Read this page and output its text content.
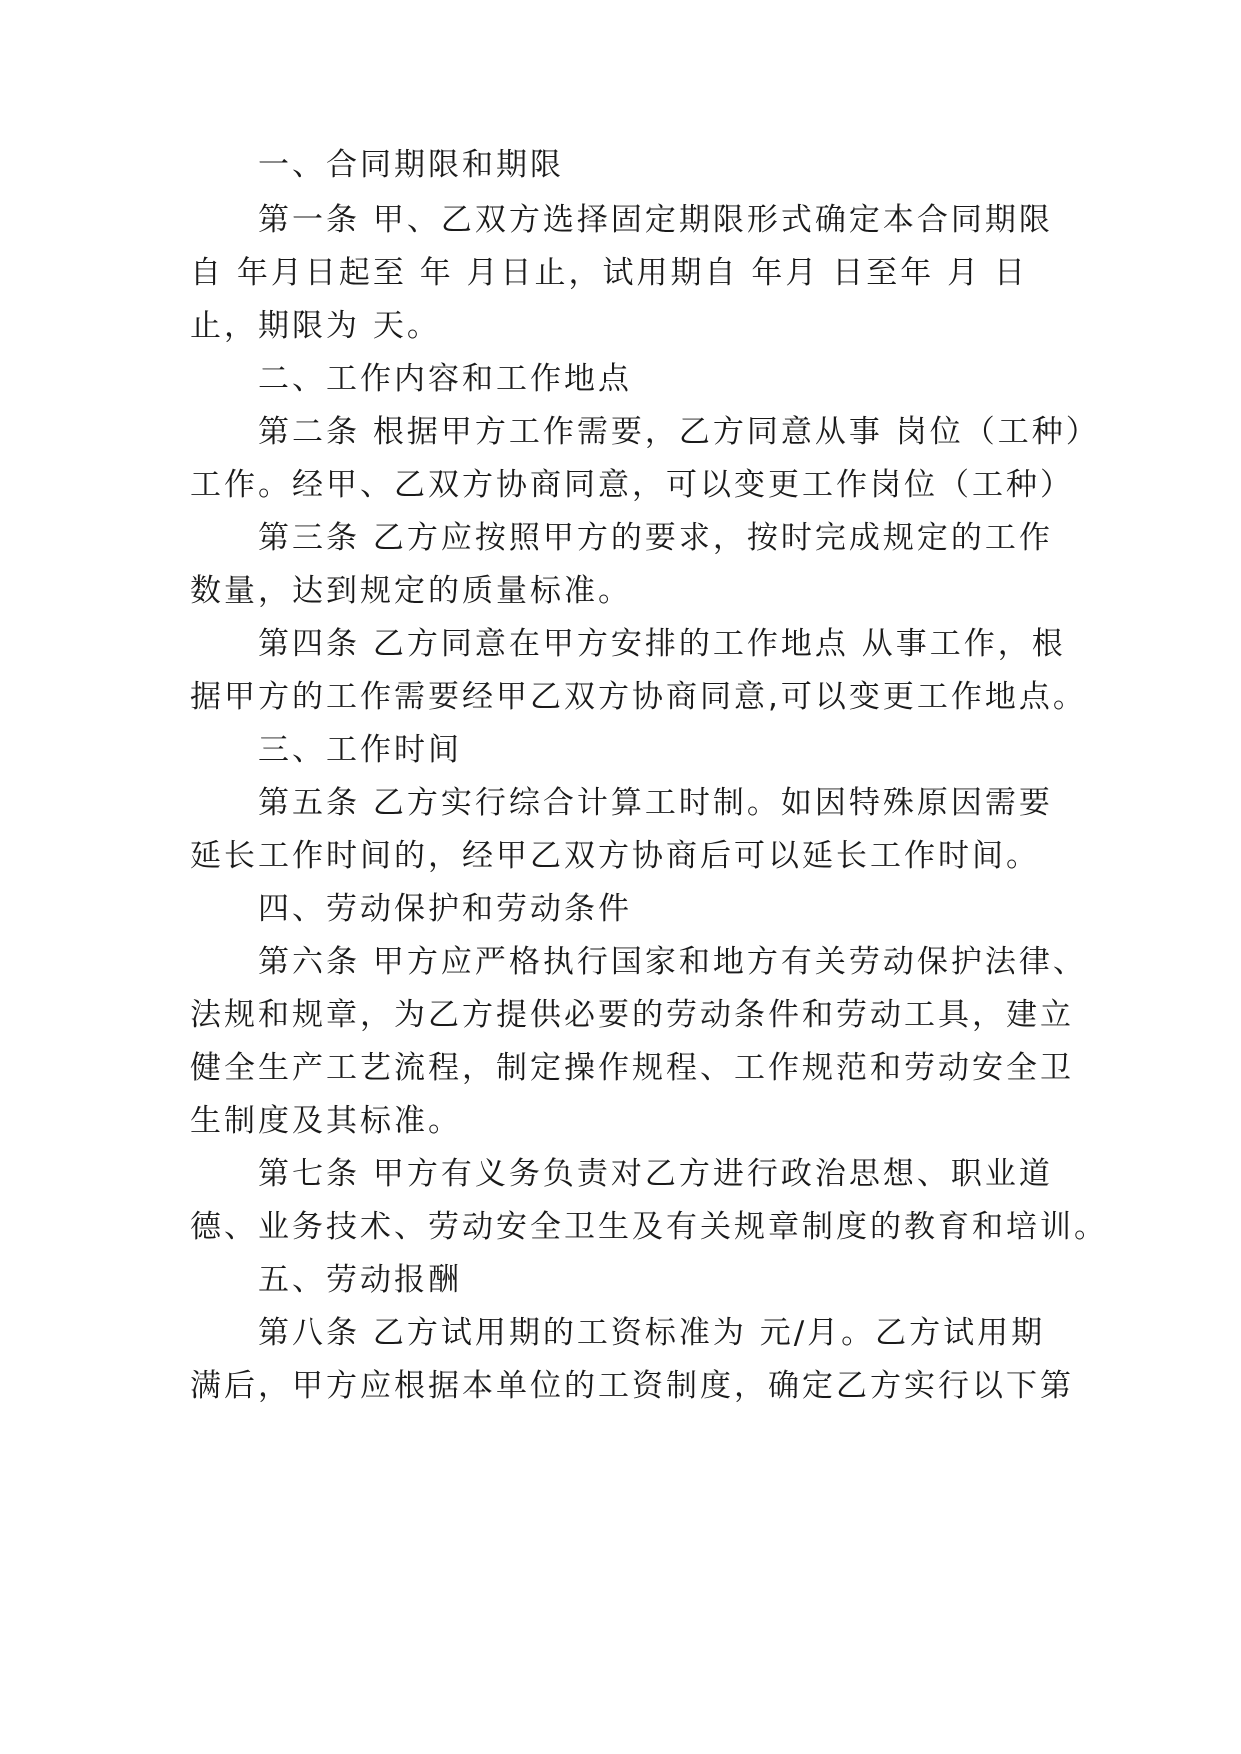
一、合同期限和期限
第一条 甲、乙双方选择固定期限形式确定本合同期限
自 年月日起至 年 月日止，试用期自 年月 日至年 月 日
止，期限为 天。
二、工作内容和工作地点
第二条 根据甲方工作需要，乙方同意从事 岗位（工种）
工作。经甲、乙双方协商同意，可以变更工作岗位（工种）
第三条 乙方应按照甲方的要求，按时完成规定的工作
数量，达到规定的质量标准。
第四条 乙方同意在甲方安排的工作地点 从事工作，根
据甲方的工作需要经甲乙双方协商同意,可以变更工作地点。
三、工作时间
第五条 乙方实行综合计算工时制。如因特殊原因需要
延长工作时间的，经甲乙双方协商后可以延长工作时间。
四、劳动保护和劳动条件
第六条 甲方应严格执行国家和地方有关劳动保护法律、
法规和规章，为乙方提供必要的劳动条件和劳动工具，建立
健全生产工艺流程，制定操作规程、工作规范和劳动安全卫
生制度及其标准。
第七条 甲方有义务负责对乙方进行政治思想、职业道
德、业务技术、劳动安全卫生及有关规章制度的教育和培训。
五、劳动报酬
第八条 乙方试用期的工资标准为 元/月。乙方试用期
满后，甲方应根据本单位的工资制度，确定乙方实行以下第
